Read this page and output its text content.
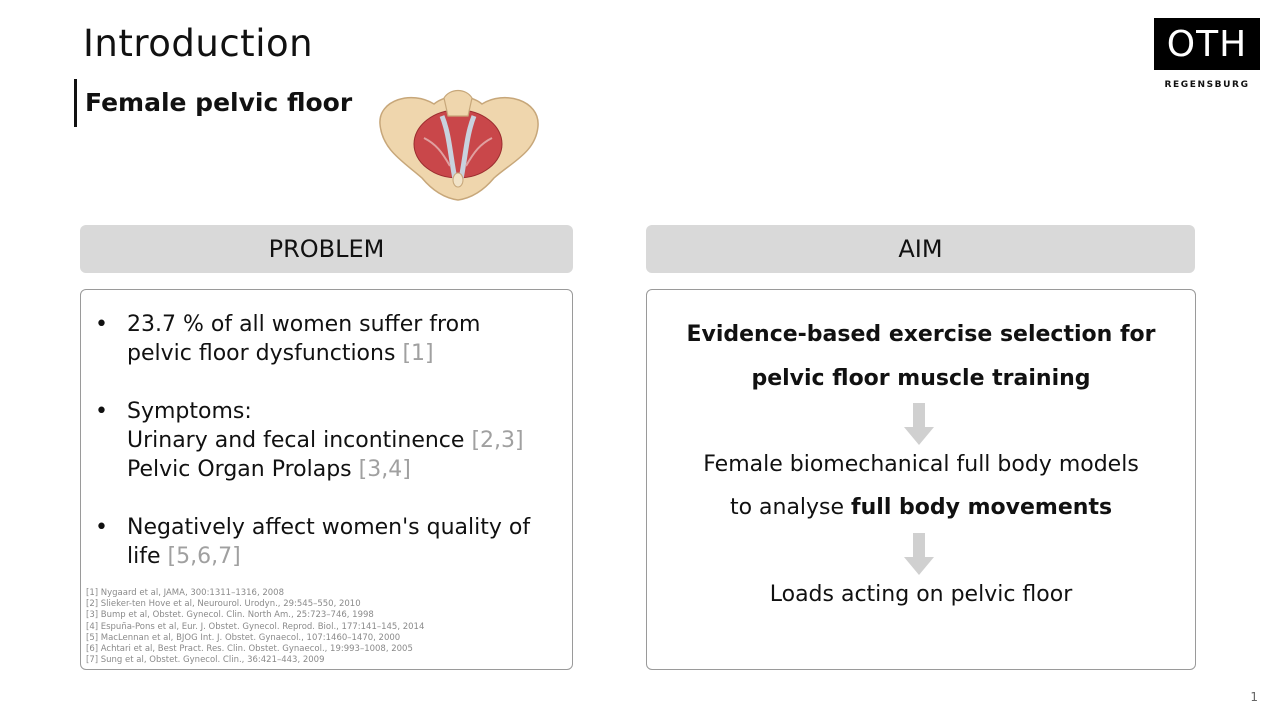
Introduction
Female pelvic floor
OTH
REGENSBURG
PROBLEM
• 23.7 % of all women suffer from
pelvic floor dysfunctions [1]
• Symptoms:
Urinary and fecal incontinence [2,3]
Pelvic Organ Prolaps [3,4]
• Negatively affect women's quality of
life [5,6,7]
[1] Nygaard et al, JAMA, 300:1311–1316, 2008
[2] Slieker-ten Hove et al, Neurourol. Urodyn., 29:545–550, 2010
[3] Bump et al, Obstet. Gynecol. Clin. North Am., 25:723–746, 1998
[4] Espuña-Pons et al, Eur. J. Obstet. Gynecol. Reprod. Biol., 177:141–145, 2014
[5] MacLennan et al, BJOG Int. J. Obstet. Gynaecol., 107:1460–1470, 2000
[6] Achtari et al, Best Pract. Res. Clin. Obstet. Gynaecol., 19:993–1008, 2005
[7] Sung et al, Obstet. Gynecol. Clin., 36:421–443, 2009
AIM
Evidence-based exercise selection for
pelvic floor muscle training
Female biomechanical full body models
to analyse full body movements
Loads acting on pelvic floor
1
